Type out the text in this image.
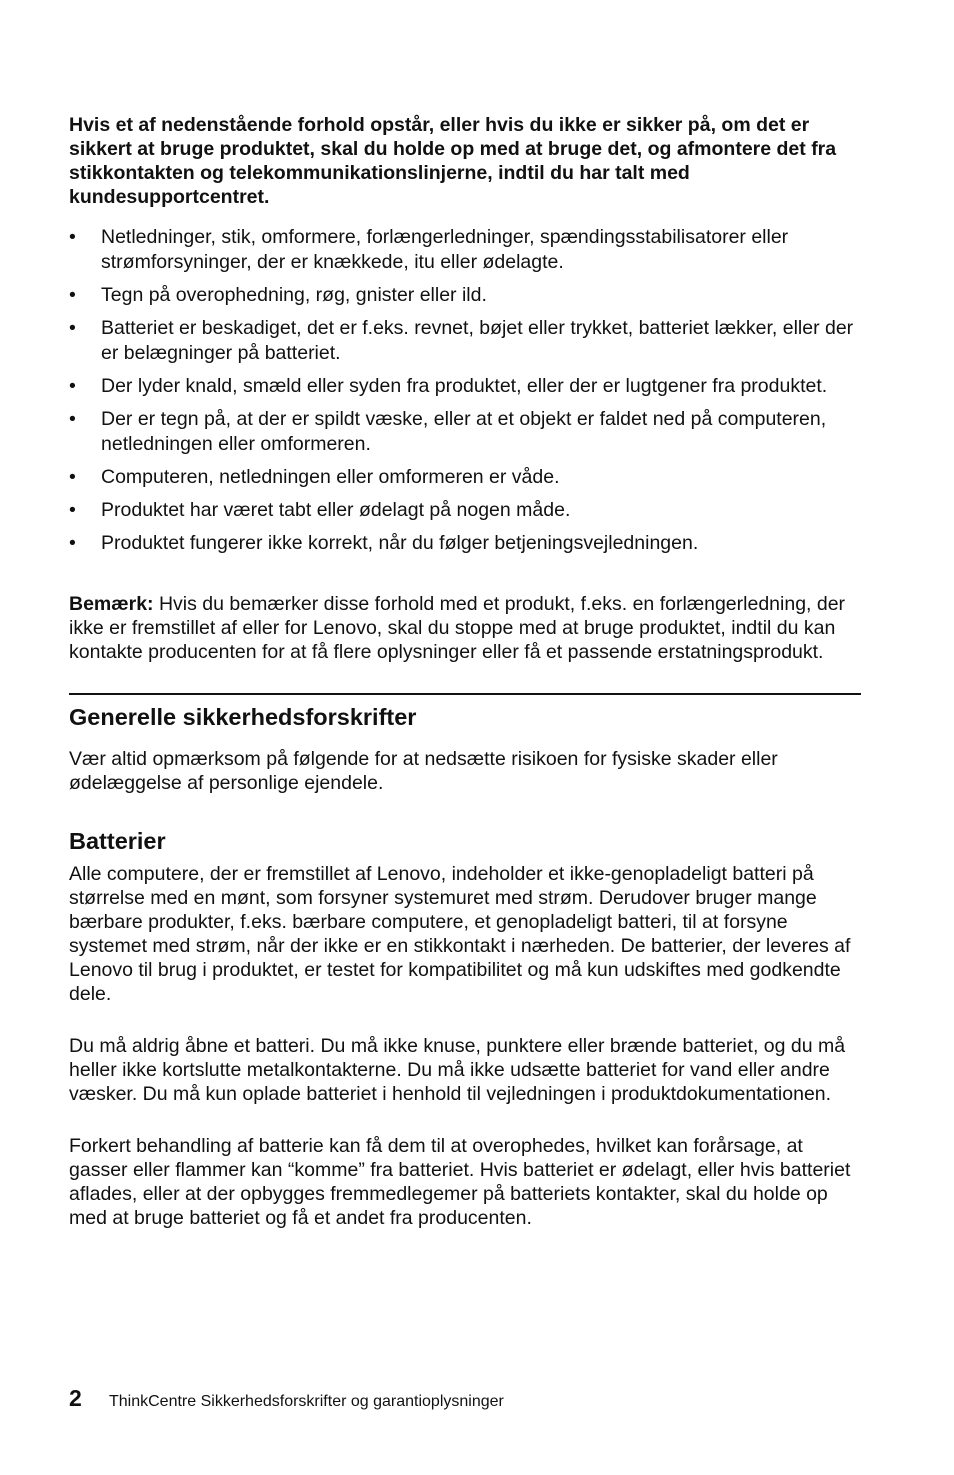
Hvis et af nedenstående forhold opstår, eller hvis du ikke er sikker på, om det er sikkert at bruge produktet, skal du holde op med at bruge det, og afmontere det fra stikkontakten og telekommunikationslinjerne, indtil du har talt med kundesupportcentret.

• Netledninger, stik, omformere, forlængerledninger, spændingsstabilisatorer eller strømforsyninger, der er knækkede, itu eller ødelagte.
• Tegn på overophedning, røg, gnister eller ild.
• Batteriet er beskadiget, det er f.eks. revnet, bøjet eller trykket, batteriet lækker, eller der er belægninger på batteriet.
• Der lyder knald, smæld eller syden fra produktet, eller der er lugtgener fra produktet.
• Der er tegn på, at der er spildt væske, eller at et objekt er faldet ned på computeren, netledningen eller omformeren.
• Computeren, netledningen eller omformeren er våde.
• Produktet har været tabt eller ødelagt på nogen måde.
• Produktet fungerer ikke korrekt, når du følger betjeningsvejledningen.

Bemærk: Hvis du bemærker disse forhold med et produkt, f.eks. en forlængerledning, der ikke er fremstillet af eller for Lenovo, skal du stoppe med at bruge produktet, indtil du kan kontakte producenten for at få flere oplysninger eller få et passende erstatningsprodukt.

Generelle sikkerhedsforskrifter

Vær altid opmærksom på følgende for at nedsætte risikoen for fysiske skader eller ødelæggelse af personlige ejendele.

Batterier

Alle computere, der er fremstillet af Lenovo, indeholder et ikke-genopladeligt batteri på størrelse med en mønt, som forsyner systemuret med strøm. Derudover bruger mange bærbare produkter, f.eks. bærbare computere, et genopladeligt batteri, til at forsyne systemet med strøm, når der ikke er en stikkontakt i nærheden. De batterier, der leveres af Lenovo til brug i produktet, er testet for kompatibilitet og må kun udskiftes med godkendte dele.

Du må aldrig åbne et batteri. Du må ikke knuse, punktere eller brænde batteriet, og du må heller ikke kortslutte metalkontakterne. Du må ikke udsætte batteriet for vand eller andre væsker. Du må kun oplade batteriet i henhold til vejledningen i produktdokumentationen.

Forkert behandling af batterie kan få dem til at overophedes, hvilket kan forårsage, at gasser eller flammer kan “komme” fra batteriet. Hvis batteriet er ødelagt, eller hvis batteriet aflades, eller at der opbygges fremmedlegemer på batteriets kontakter, skal du holde op med at bruge batteriet og få et andet fra producenten.

2	ThinkCentre Sikkerhedsforskrifter og garantioplysninger
